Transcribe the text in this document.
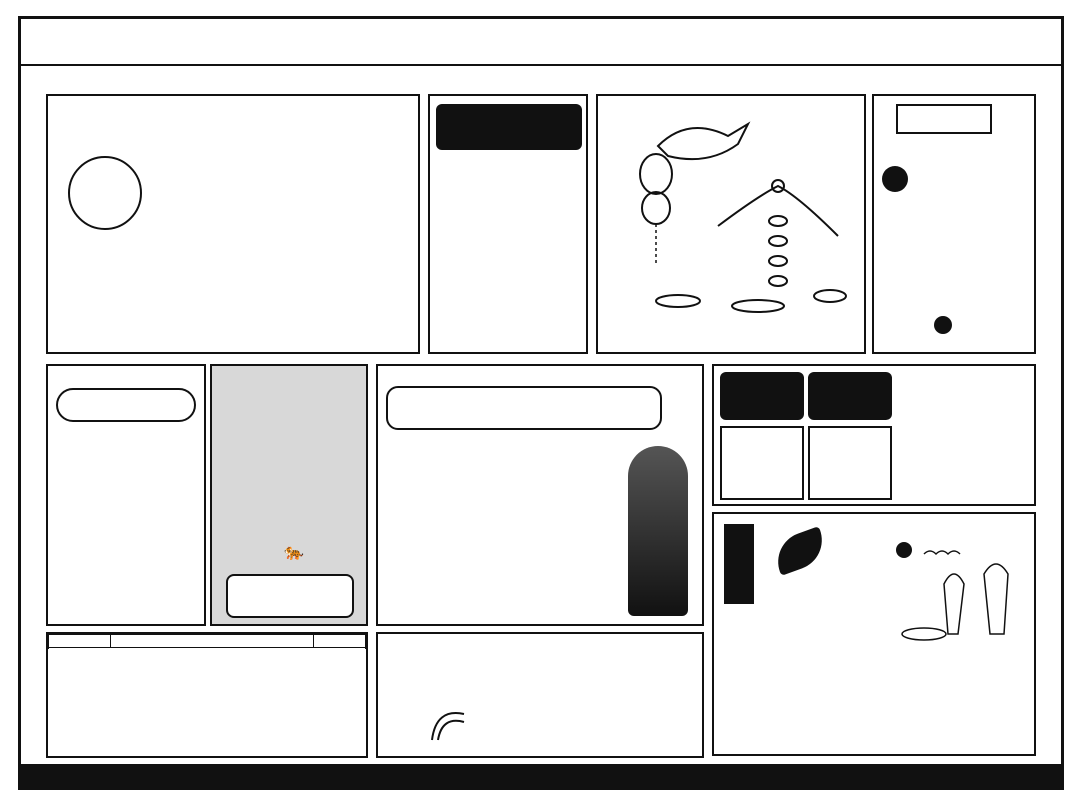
🐅
